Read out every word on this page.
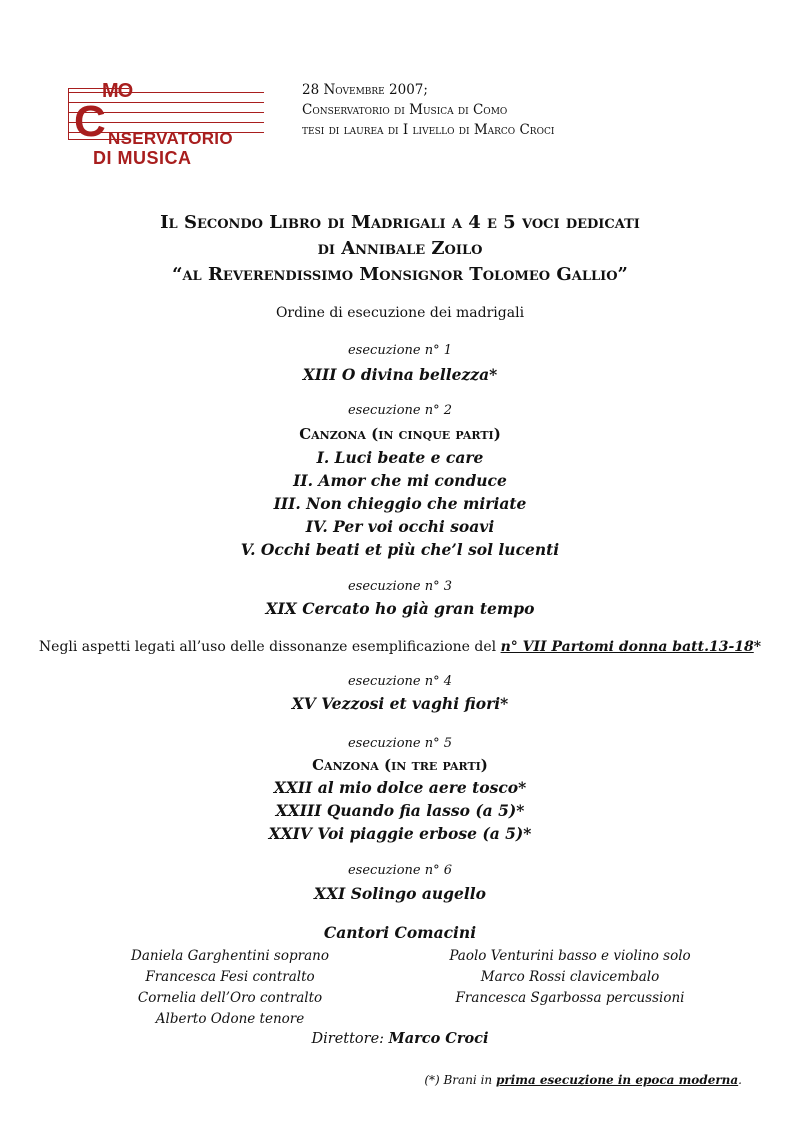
MO
C NSERVATORIO
DI MUSICA
28 Novembre 2007;
Conservatorio di Musica di Como
tesi di laurea di I livello di Marco Croci
Il Secondo Libro di Madrigali a 4 e 5 voci dedicati
di Annibale Zoilo
“al Reverendissimo Monsignor Tolomeo Gallio”
Ordine di esecuzione dei madrigali
esecuzione n° 1
XIII O divina bellezza*
esecuzione n° 2
Canzona (in cinque parti)
I. Luci beate e care
II. Amor che mi conduce
III. Non chieggio che miriate
IV. Per voi occhi soavi
V. Occhi beati et più che’l sol lucenti
esecuzione n° 3
XIX Cercato ho già gran tempo
Negli aspetti legati all’uso delle dissonanze esemplificazione del n° VII Partomi donna batt.13-18*
esecuzione n° 4
XV Vezzosi et vaghi fiori*
esecuzione n° 5
Canzona (in tre parti)
XXII al mio dolce aere tosco*
XXIII Quando fia lasso (a 5)*
XXIV Voi piaggie erbose (a 5)*
esecuzione n° 6
XXI Solingo augello
Cantori Comacini
Daniela Garghentini soprano
Francesca Fesi contralto
Cornelia dell’Oro contralto
Alberto Odone tenore
Paolo Venturini basso e violino solo
Marco Rossi clavicembalo
Francesca Sgarbossa percussioni
Direttore: Marco Croci
(*) Brani in prima esecuzione in epoca moderna.
